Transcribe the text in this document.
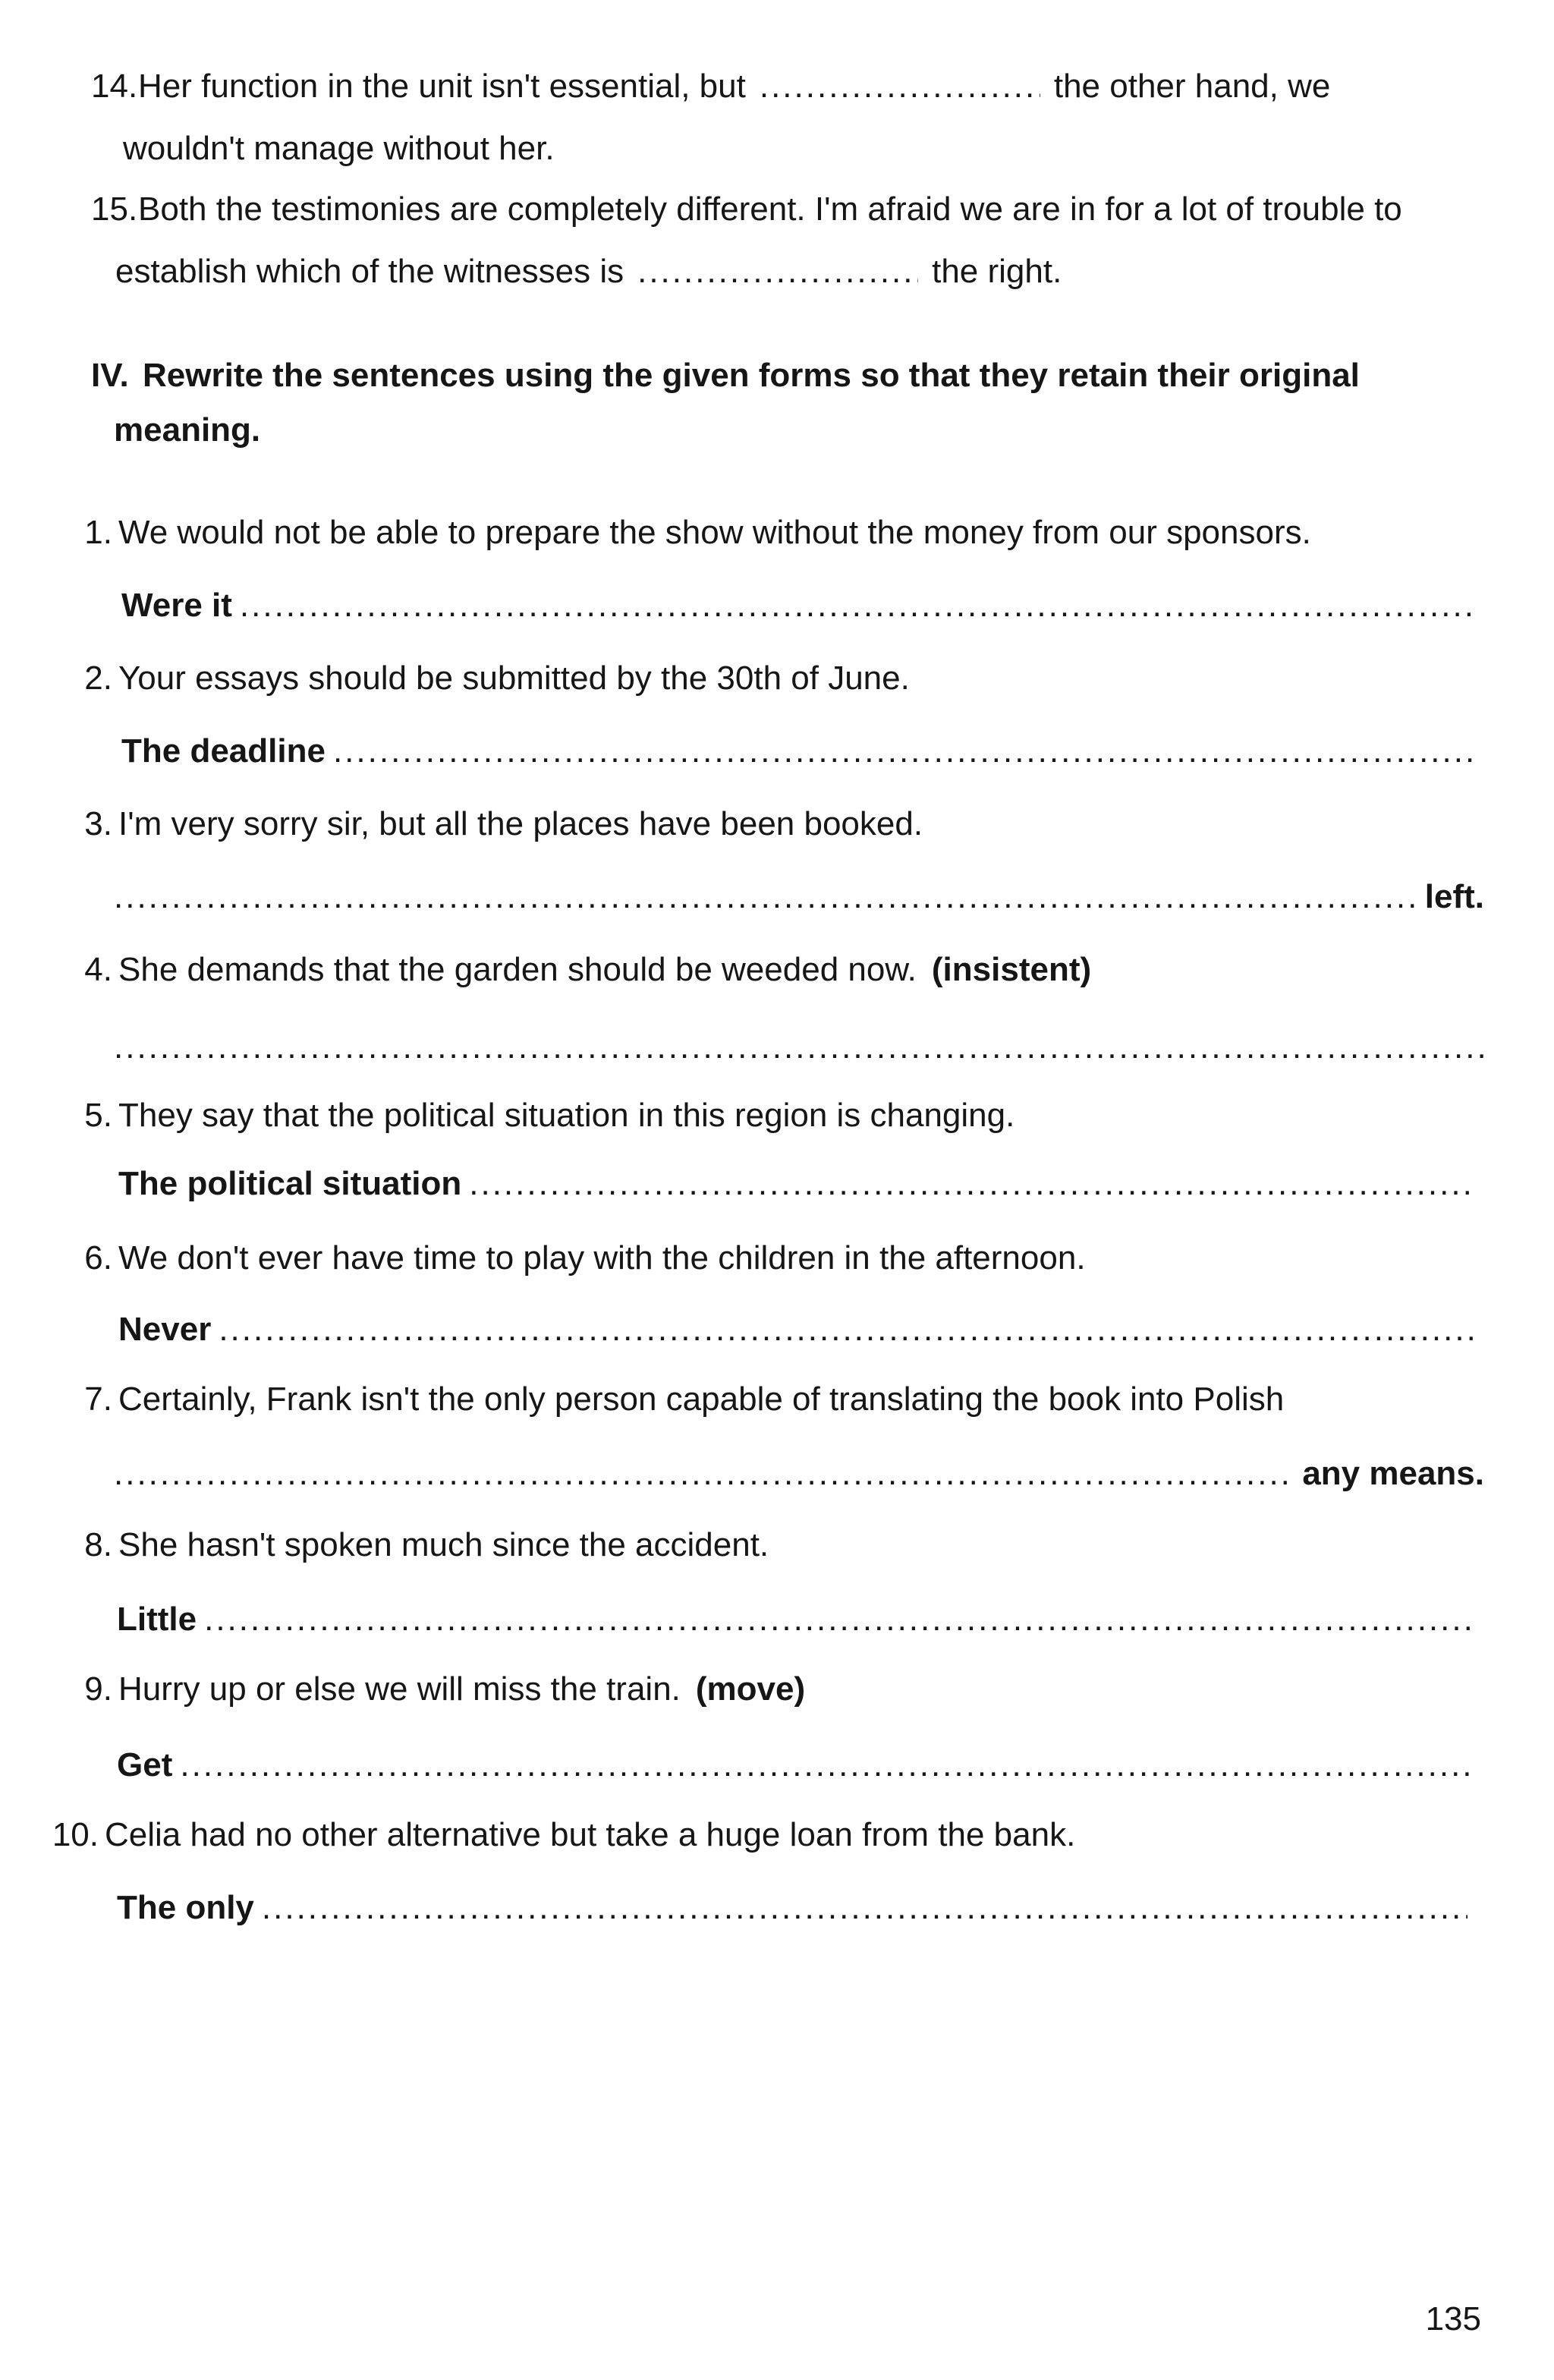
14. Her function in the unit isn't essential, but .....	the other hand, we
wouldn't manage without her.
15. Both the testimonies are completely different. I'm afraid we are in for a lot of trouble to
establish which of the witnesses is .....	the right.
IV. Rewrite the sentences using the given forms so that they retain their original
meaning.
1. We would not be able to prepare the show without the money from our sponsors.
Were it
.....
2. Your essays should be submitted by the 30th of June.
The deadline
.....
3. I'm very sorry sir, but all the places have been booked.
.....
left.
4. She demands that the garden should be weeded now. (insistent)
.....
5. They say that the political situation in this region is changing.
The political situation
.....
6. We don't ever have time to play with the children in the afternoon.
Never
.....
7. Certainly, Frank isn't the only person capable of translating the book into Polish
.....
any means.
8. She hasn't spoken much since the accident.
Little
.....
9. Hurry up or else we will miss the train. (move)
Get
.....
10. Celia had no other alternative but take a huge loan from the bank.
The only
.....
135
